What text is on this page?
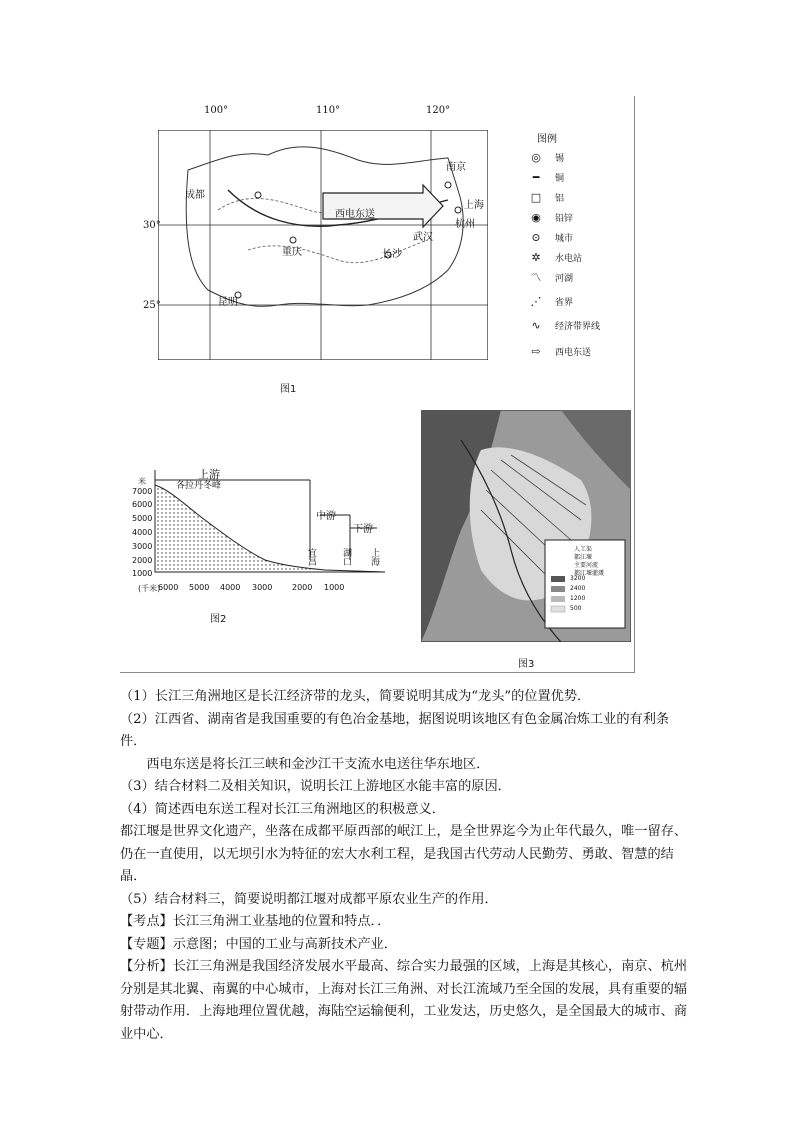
100°	110°	120°
30°
25°
成都
重庆	长沙
南京
上海
杭州
昆明
武汉
西电东送
图例
◎	锡
━	铜
□	铝
◉	铅锌
⊙	城市
✲	水电站
〽	河湖
⋰	省界
∿	经济带界线
⇨	西电东送
图1
上游
各拉丹冬峰
中游
下游
米
7000
6000
5000
4000
3000
2000
1000
(千米)
6000 5000 4000 3000 2000 1000
宜昌	湖口 上海
图2
人工渠
都江堰
主要河流
都江堰灌溉
3200
2400
1200
500
图3

（1）长江三角洲地区是长江经济带的龙头，简要说明其成为“龙头”的位置优势．

（2）江西省、湖南省是我国重要的有色冶金基地，据图说明该地区有色金属冶炼工业的有利条件．

西电东送是将长江三峡和金沙江干支流水电送往华东地区．

（3）结合材料二及相关知识，说明长江上游地区水能丰富的原因．

（4）简述西电东送工程对长江三角洲地区的积极意义．

都江堰是世界文化遗产，坐落在成都平原西部的岷江上，是全世界迄今为止年代最久，唯一留存、仍在一直使用，以无坝引水为特征的宏大水利工程，是我国古代劳动人民勤劳、勇敢、智慧的结晶．

（5）结合材料三，简要说明都江堰对成都平原农业生产的作用．

【考点】长江三角洲工业基地的位置和特点．．

【专题】示意图；中国的工业与高新技术产业．

【分析】长江三角洲是我国经济发展水平最高、综合实力最强的区域，上海是其核心，南京、杭州分别是其北翼、南翼的中心城市，上海对长江三角洲、对长江流域乃至全国的发展，具有重要的辐射带动作用．上海地理位置优越，海陆空运输便利，工业发达，历史悠久，是全国最大的城市、商业中心．
